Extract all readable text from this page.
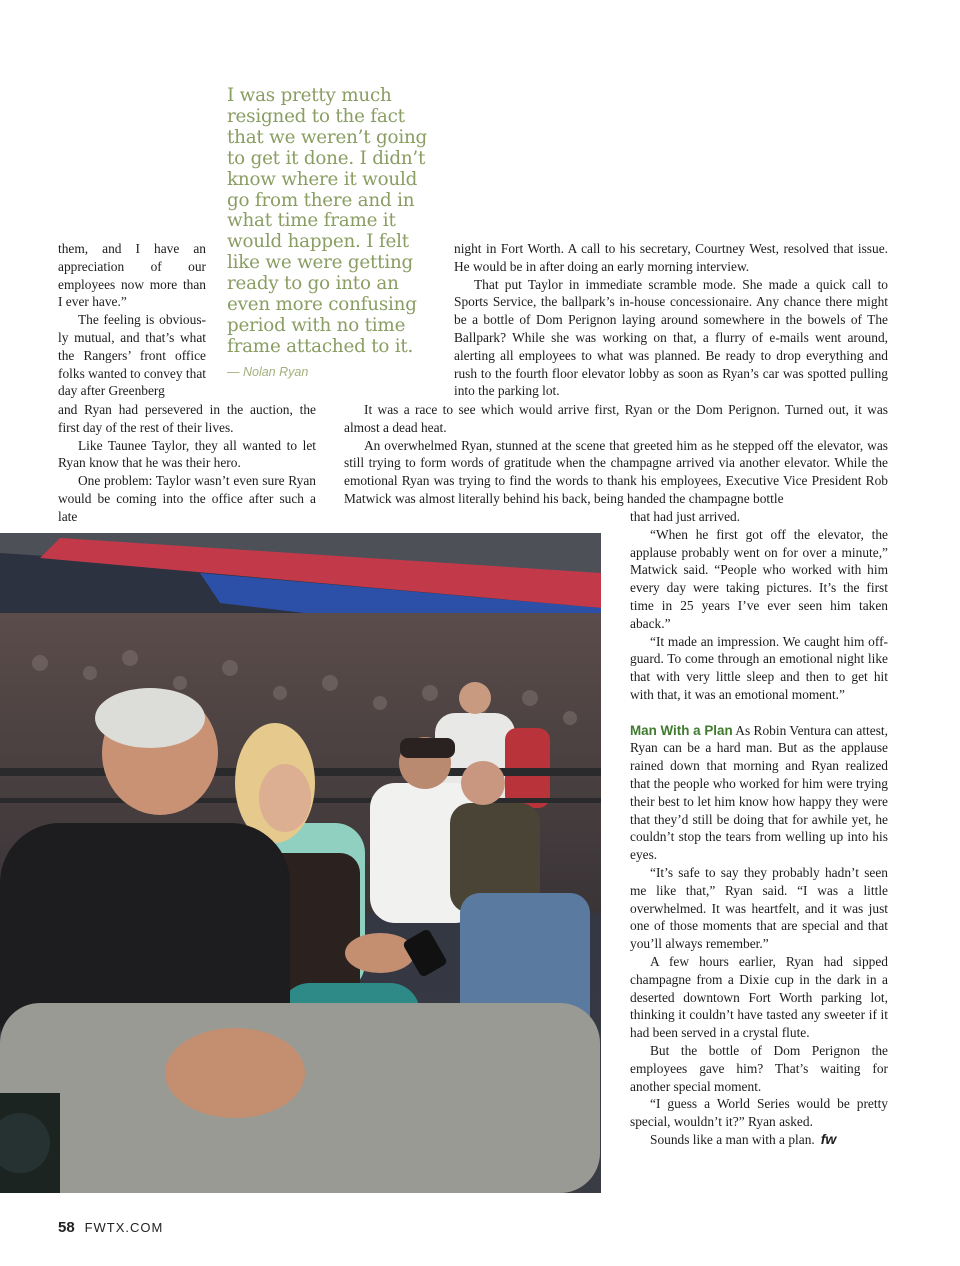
I was pretty much resigned to the fact that we weren’t going to get it done. I didn’t know where it would go from there and in what time frame it would happen. I felt like we were getting ready to go into an even more confusing period with no time frame attached to it.
— Nolan Ryan

them, and I have an appreciation of our employees now more than I ever have.”

The feeling is obvious-ly mutual, and that’s what the Rangers’ front office folks wanted to convey that day after Greenberg

and Ryan had persevered in the auction, the first day of the rest of their lives.

Like Taunee Taylor, they all wanted to let Ryan know that he was their hero.

One problem: Taylor wasn’t even sure Ryan would be coming into the office after such a late

night in Fort Worth. A call to his secretary, Courtney West, resolved that issue. He would be in after doing an early morning interview.

That put Taylor in immediate scramble mode. She made a quick call to Sports Service, the ballpark’s in-house concessionaire. Any chance there might be a bottle of Dom Perignon laying around somewhere in the bowels of The Ballpark? While she was working on that, a flurry of e-mails went around, alerting all employees to what was planned. Be ready to drop everything and rush to the fourth floor elevator lobby as soon as Ryan’s car was spotted pulling into the parking lot.

It was a race to see which would arrive first, Ryan or the Dom Perignon. Turned out, it was almost a dead heat.

An overwhelmed Ryan, stunned at the scene that greeted him as he stepped off the elevator, was still trying to form words of gratitude when the champagne arrived via another elevator. While the emotional Ryan was trying to find the words to thank his employees, Executive Vice President Rob Matwick was almost literally behind his back, being handed the champagne bottle

that had just arrived.

“When he first got off the elevator, the applause probably went on for over a minute,” Matwick said. “People who worked with him every day were taking pictures. It’s the first time in 25 years I’ve ever seen him taken aback.”

“It made an impression. We caught him off-guard. To come through an emotional night like that with very little sleep and then to get hit with that, it was an emotional moment.”

Man With a Plan As Robin Ventura can attest, Ryan can be a hard man. But as the applause rained down that morning and Ryan realized that the people who worked for him were trying their best to let him know how happy they were that they’d still be doing that for awhile yet, he couldn’t stop the tears from welling up into his eyes.

“It’s safe to say they probably hadn’t seen me like that,” Ryan said. “I was a little overwhelmed. It was heartfelt, and it was just one of those moments that are special and that you’ll always remember.”

A few hours earlier, Ryan had sipped champagne from a Dixie cup in the dark in a deserted downtown Fort Worth parking lot, thinking it couldn’t have tasted any sweeter if it had been served in a crystal flute.

But the bottle of Dom Perignon the employees gave him? That’s waiting for another special moment.

“I guess a World Series would be pretty special, wouldn’t it?” Ryan asked.

Sounds like a man with a plan. fw

58 FWTX.COM
